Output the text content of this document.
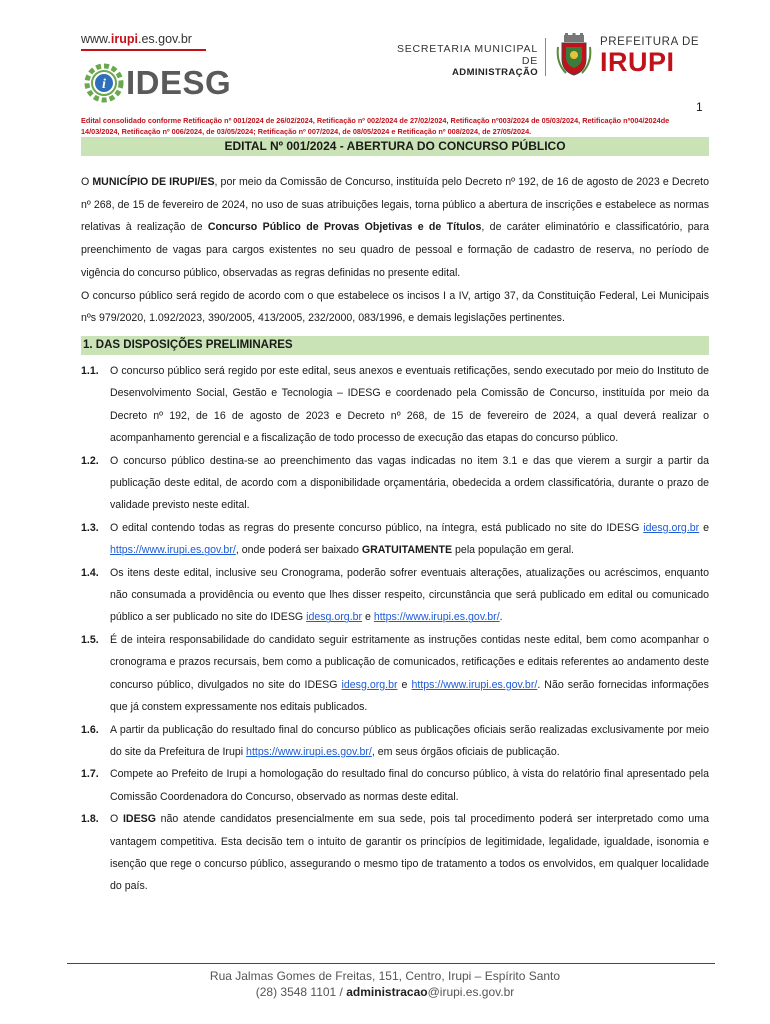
www.irupi.es.gov.br
i IDESG
SECRETARIA MUNICIPAL DE
ADMINISTRAÇÃO
PREFEITURA DE
IRUPI
1
Edital consolidado conforme Retificação nº 001/2024 de 26/02/2024, Retificação nº 002/2024 de 27/02/2024, Retificação nº003/2024 de 05/03/2024, Retificação nº004/2024de 14/03/2024, Retificação nº 006/2024, de 03/05/2024; Retificação nº 007/2024, de 08/05/2024 e Retificação nº 008/2024, de 27/05/2024.
EDITAL Nº 001/2024 - ABERTURA DO CONCURSO PÚBLICO

O MUNICÍPIO DE IRUPI/ES, por meio da Comissão de Concurso, instituída pelo Decreto nº 192, de 16 de agosto de 2023 e Decreto nº 268, de 15 de fevereiro de 2024, no uso de suas atribuições legais, torna público a abertura de inscrições e estabelece as normas relativas à realização de Concurso Público de Provas Objetivas e de Títulos, de caráter eliminatório e classificatório, para preenchimento de vagas para cargos existentes no seu quadro de pessoal e formação de cadastro de reserva, no período de vigência do concurso público, observadas as regras definidas no presente edital.

O concurso público será regido de acordo com o que estabelece os incisos I a IV, artigo 37, da Constituição Federal, Lei Municipais nºs 979/2020, 1.092/2023, 390/2005, 413/2005, 232/2000, 083/1996, e demais legislações pertinentes.

1. DAS DISPOSIÇÕES PRELIMINARES
1.1.	O concurso público será regido por este edital, seus anexos e eventuais retificações, sendo executado por meio do Instituto de Desenvolvimento Social, Gestão e Tecnologia – IDESG e coordenado pela Comissão de Concurso, instituída por meio da Decreto nº 192, de 16 de agosto de 2023 e Decreto nº 268, de 15 de fevereiro de 2024, a qual deverá realizar o acompanhamento gerencial e a fiscalização de todo processo de execução das etapas do concurso público.
1.2.	O concurso público destina-se ao preenchimento das vagas indicadas no item 3.1 e das que vierem a surgir a partir da publicação deste edital, de acordo com a disponibilidade orçamentária, obedecida a ordem classificatória, durante o prazo de validade previsto neste edital.
1.3.	O edital contendo todas as regras do presente concurso público, na íntegra, está publicado no site do IDESG idesg.org.br e https://www.irupi.es.gov.br/, onde poderá ser baixado GRATUITAMENTE pela população em geral.
1.4.	Os itens deste edital, inclusive seu Cronograma, poderão sofrer eventuais alterações, atualizações ou acréscimos, enquanto não consumada a providência ou evento que lhes disser respeito, circunstância que será publicado em edital ou comunicado público a ser publicado no site do IDESG idesg.org.br e https://www.irupi.es.gov.br/.
1.5.	É de inteira responsabilidade do candidato seguir estritamente as instruções contidas neste edital, bem como acompanhar o cronograma e prazos recursais, bem como a publicação de comunicados, retificações e editais referentes ao andamento deste concurso público, divulgados no site do IDESG idesg.org.br e https://www.irupi.es.gov.br/. Não serão fornecidas informações que já constem expressamente nos editais publicados.
1.6.	A partir da publicação do resultado final do concurso público as publicações oficiais serão realizadas exclusivamente por meio do site da Prefeitura de Irupi https://www.irupi.es.gov.br/, em seus órgãos oficiais de publicação.
1.7.	Compete ao Prefeito de Irupi a homologação do resultado final do concurso público, à vista do relatório final apresentado pela Comissão Coordenadora do Concurso, observado as normas deste edital.
1.8.	O IDESG não atende candidatos presencialmente em sua sede, pois tal procedimento poderá ser interpretado como uma vantagem competitiva. Esta decisão tem o intuito de garantir os princípios de legitimidade, legalidade, igualdade, isonomia e isenção que rege o concurso público, assegurando o mesmo tipo de tratamento a todos os envolvidos, em qualquer localidade do país.
Rua Jalmas Gomes de Freitas, 151, Centro, Irupi – Espírito Santo
(28) 3548 1101 / administracao@irupi.es.gov.br
